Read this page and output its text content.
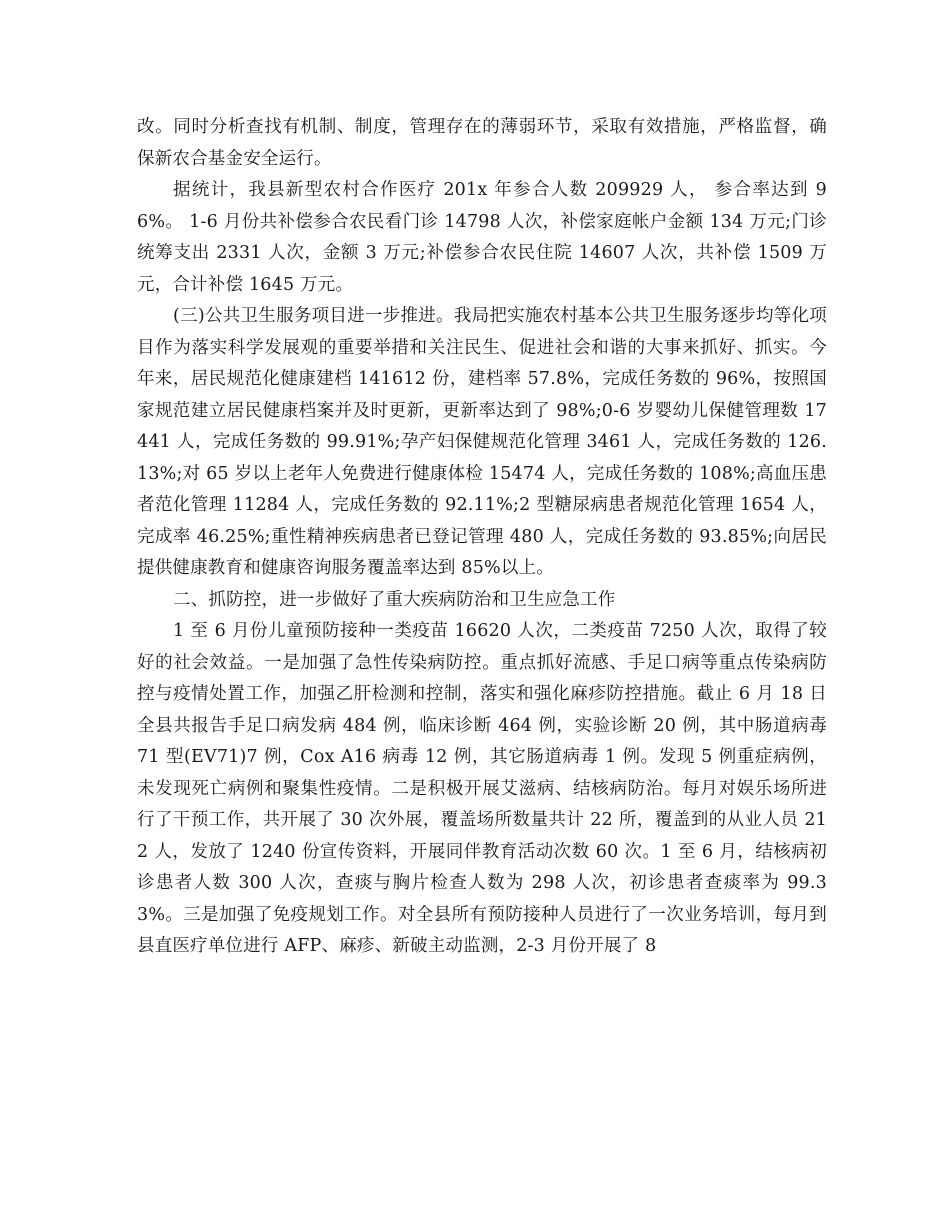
改。同时分析查找有机制、制度，管理存在的薄弱环节，采取有效措施，严格监督，确保新农合基金安全运行。

据统计，我县新型农村合作医疗 201x 年参合人数 209929 人， 参合率达到 96%。 1-6 月份共补偿参合农民看门诊 14798 人次，补偿家庭帐户金额 134 万元;门诊统筹支出 2331 人次，金额 3 万元;补偿参合农民住院 14607 人次，共补偿 1509 万元，合计补偿 1645 万元。

(三)公共卫生服务项目进一步推进。我局把实施农村基本公共卫生服务逐步均等化项目作为落实科学发展观的重要举措和关注民生、促进社会和谐的大事来抓好、抓实。今年来，居民规范化健康建档 141612 份，建档率 57.8%，完成任务数的 96%，按照国家规范建立居民健康档案并及时更新，更新率达到了 98%;0-6 岁婴幼儿保健管理数 17441 人，完成任务数的 99.91%;孕产妇保健规范化管理 3461 人，完成任务数的 126.13%;对 65 岁以上老年人免费进行健康体检 15474 人，完成任务数的 108%;高血压患者范化管理 11284 人，完成任务数的 92.11%;2 型糖尿病患者规范化管理 1654 人，完成率 46.25%;重性精神疾病患者已登记管理 480 人，完成任务数的 93.85%;向居民提供健康教育和健康咨询服务覆盖率达到 85%以上。

二、抓防控，进一步做好了重大疾病防治和卫生应急工作

1 至 6 月份儿童预防接种一类疫苗 16620 人次，二类疫苗 7250 人次，取得了较好的社会效益。一是加强了急性传染病防控。重点抓好流感、手足口病等重点传染病防控与疫情处置工作，加强乙肝检测和控制，落实和强化麻疹防控措施。截止 6 月 18 日全县共报告手足口病发病 484 例，临床诊断 464 例，实验诊断 20 例，其中肠道病毒 71 型(EV71)7 例，Cox A16 病毒 12 例，其它肠道病毒 1 例。发现 5 例重症病例，未发现死亡病例和聚集性疫情。二是积极开展艾滋病、结核病防治。每月对娱乐场所进行了干预工作，共开展了 30 次外展，覆盖场所数量共计 22 所，覆盖到的从业人员 212 人，发放了 1240 份宣传资料，开展同伴教育活动次数 60 次。1 至 6 月，结核病初诊患者人数 300 人次，查痰与胸片检查人数为 298 人次，初诊患者查痰率为 99.33%。三是加强了免疫规划工作。对全县所有预防接种人员进行了一次业务培训，每月到县直医疗单位进行 AFP、麻疹、新破主动监测，2-3 月份开展了 8
